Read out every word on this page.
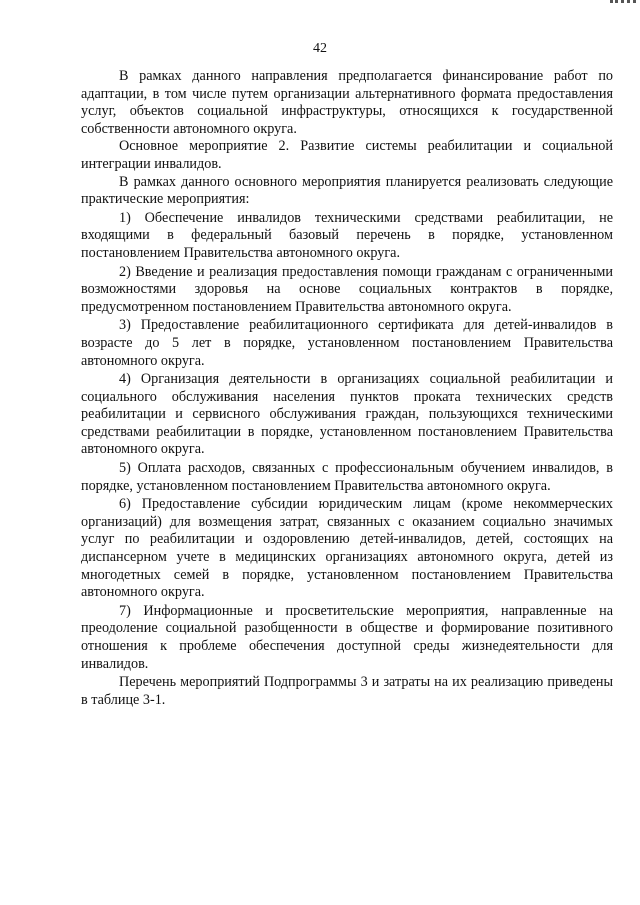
42

В рамках данного направления предполагается финансирование работ по адаптации, в том числе путем организации альтернативного формата предоставления услуг, объектов социальной инфраструктуры, относящихся к государственной собственности автономного округа.

Основное мероприятие 2. Развитие системы реабилитации и социальной интеграции инвалидов.

В рамках данного основного мероприятия планируется реализовать следующие практические мероприятия:

1) Обеспечение инвалидов техническими средствами реабилитации, не входящими в федеральный базовый перечень в порядке, установленном постановлением Правительства автономного округа.

2) Введение и реализация предоставления помощи гражданам с ограниченными возможностями здоровья на основе социальных контрактов в порядке, предусмотренном постановлением Правительства автономного округа.

3) Предоставление реабилитационного сертификата для детей-инвалидов в возрасте до 5 лет в порядке, установленном постановлением Правительства автономного округа.

4) Организация деятельности в организациях социальной реабилитации и социального обслуживания населения пунктов проката технических средств реабилитации и сервисного обслуживания граждан, пользующихся техническими средствами реабилитации в порядке, установленном постановлением Правительства автономного округа.

5) Оплата расходов, связанных с профессиональным обучением инвалидов, в порядке, установленном постановлением Правительства автономного округа.

6) Предоставление субсидии юридическим лицам (кроме некоммерческих организаций) для возмещения затрат, связанных с оказанием социально значимых услуг по реабилитации и оздоровлению детей-инвалидов, детей, состоящих на диспансерном учете в медицинских организациях автономного округа, детей из многодетных семей в порядке, установленном постановлением Правительства автономного округа.

7) Информационные и просветительские мероприятия, направленные на преодоление социальной разобщенности в обществе и формирование позитивного отношения к проблеме обеспечения доступной среды жизнедеятельности для инвалидов.

Перечень мероприятий Подпрограммы 3 и затраты на их реализацию приведены в таблице 3-1.
